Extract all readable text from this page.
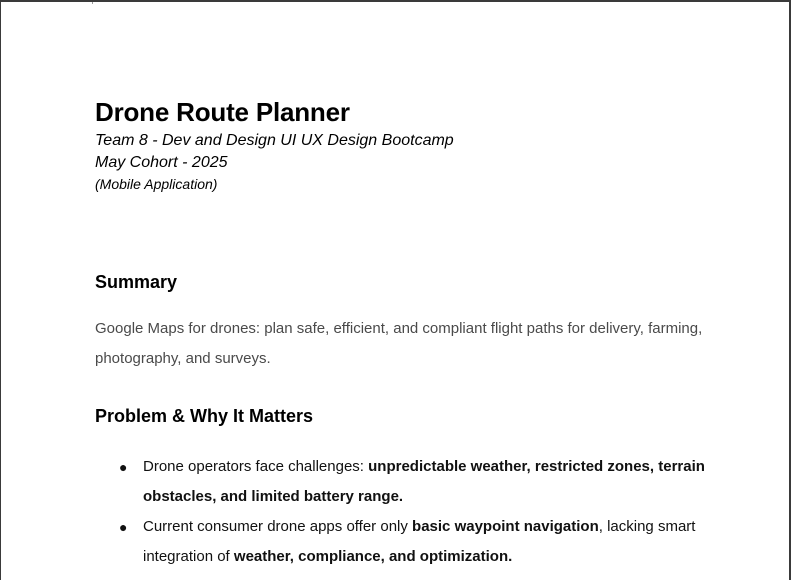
Drone Route Planner

Team 8 - Dev and Design UI UX Design Bootcamp

May Cohort - 2025

(Mobile Application)

Summary

Google Maps for drones: plan safe, efficient, and compliant flight paths for delivery, farming, photography, and surveys.

Problem & Why It Matters
● Drone operators face challenges: unpredictable weather, restricted zones, terrain obstacles, and limited battery range.
● Current consumer drone apps offer only basic waypoint navigation, lacking smart integration of weather, compliance, and optimization.
